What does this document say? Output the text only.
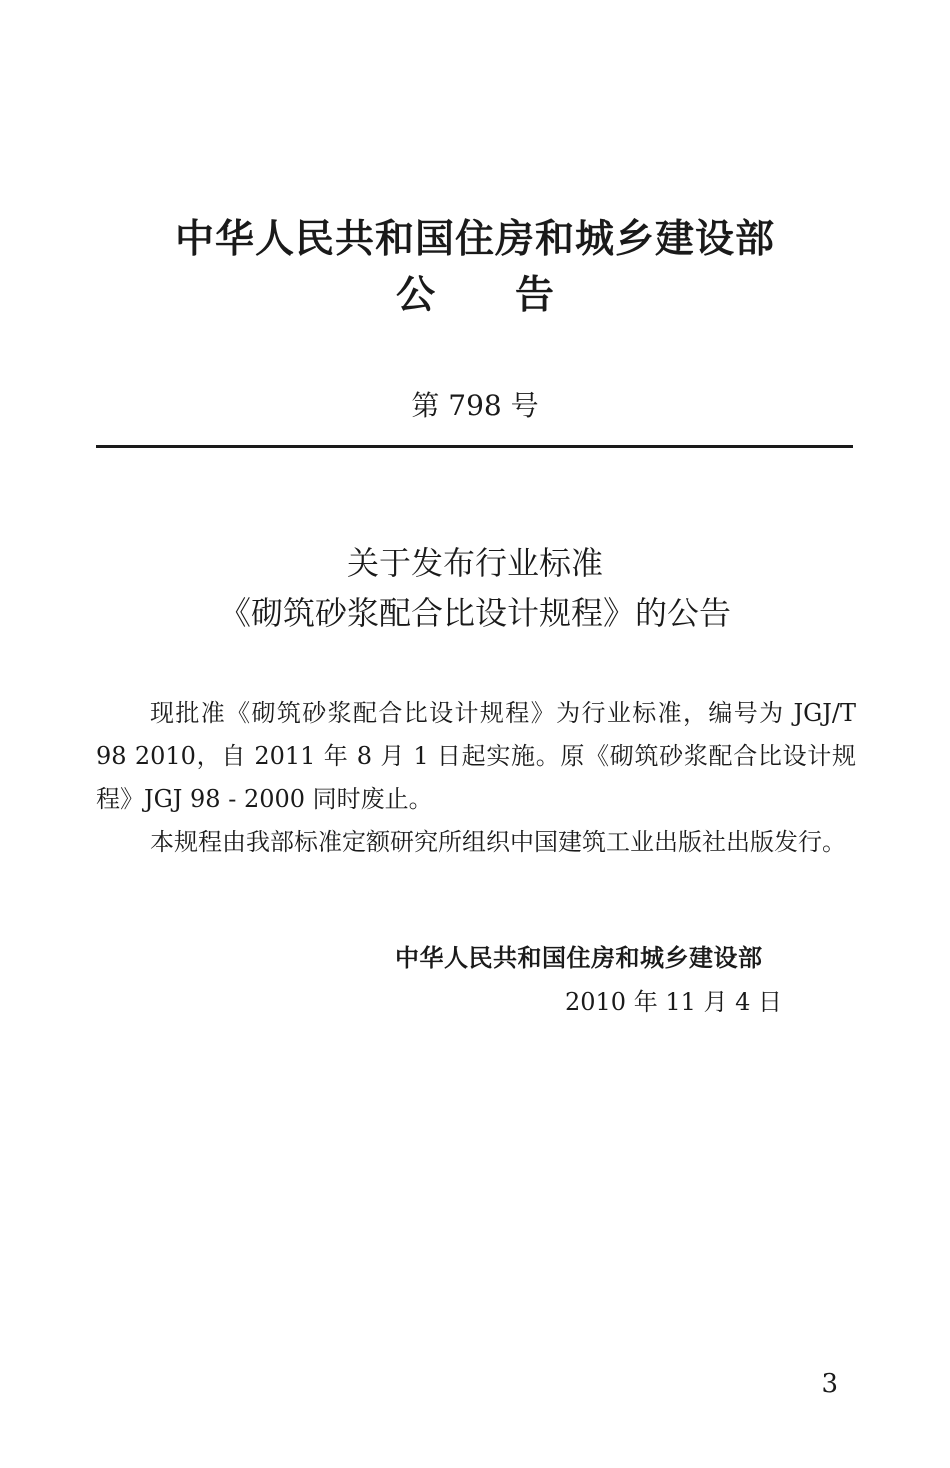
中华人民共和国住房和城乡建设部
公告
第 798 号
关于发布行业标准
《砌筑砂浆配合比设计规程》的公告

现批准《砌筑砂浆配合比设计规程》为行业标准，编号为 JGJ/T 98 2010，自 2011 年 8 月 1 日起实施。原《砌筑砂浆配合比设计规程》JGJ 98 - 2000 同时废止。

本规程由我部标准定额研究所组织中国建筑工业出版社出版发行。

中华人民共和国住房和城乡建设部
2010 年 11 月 4 日
3
